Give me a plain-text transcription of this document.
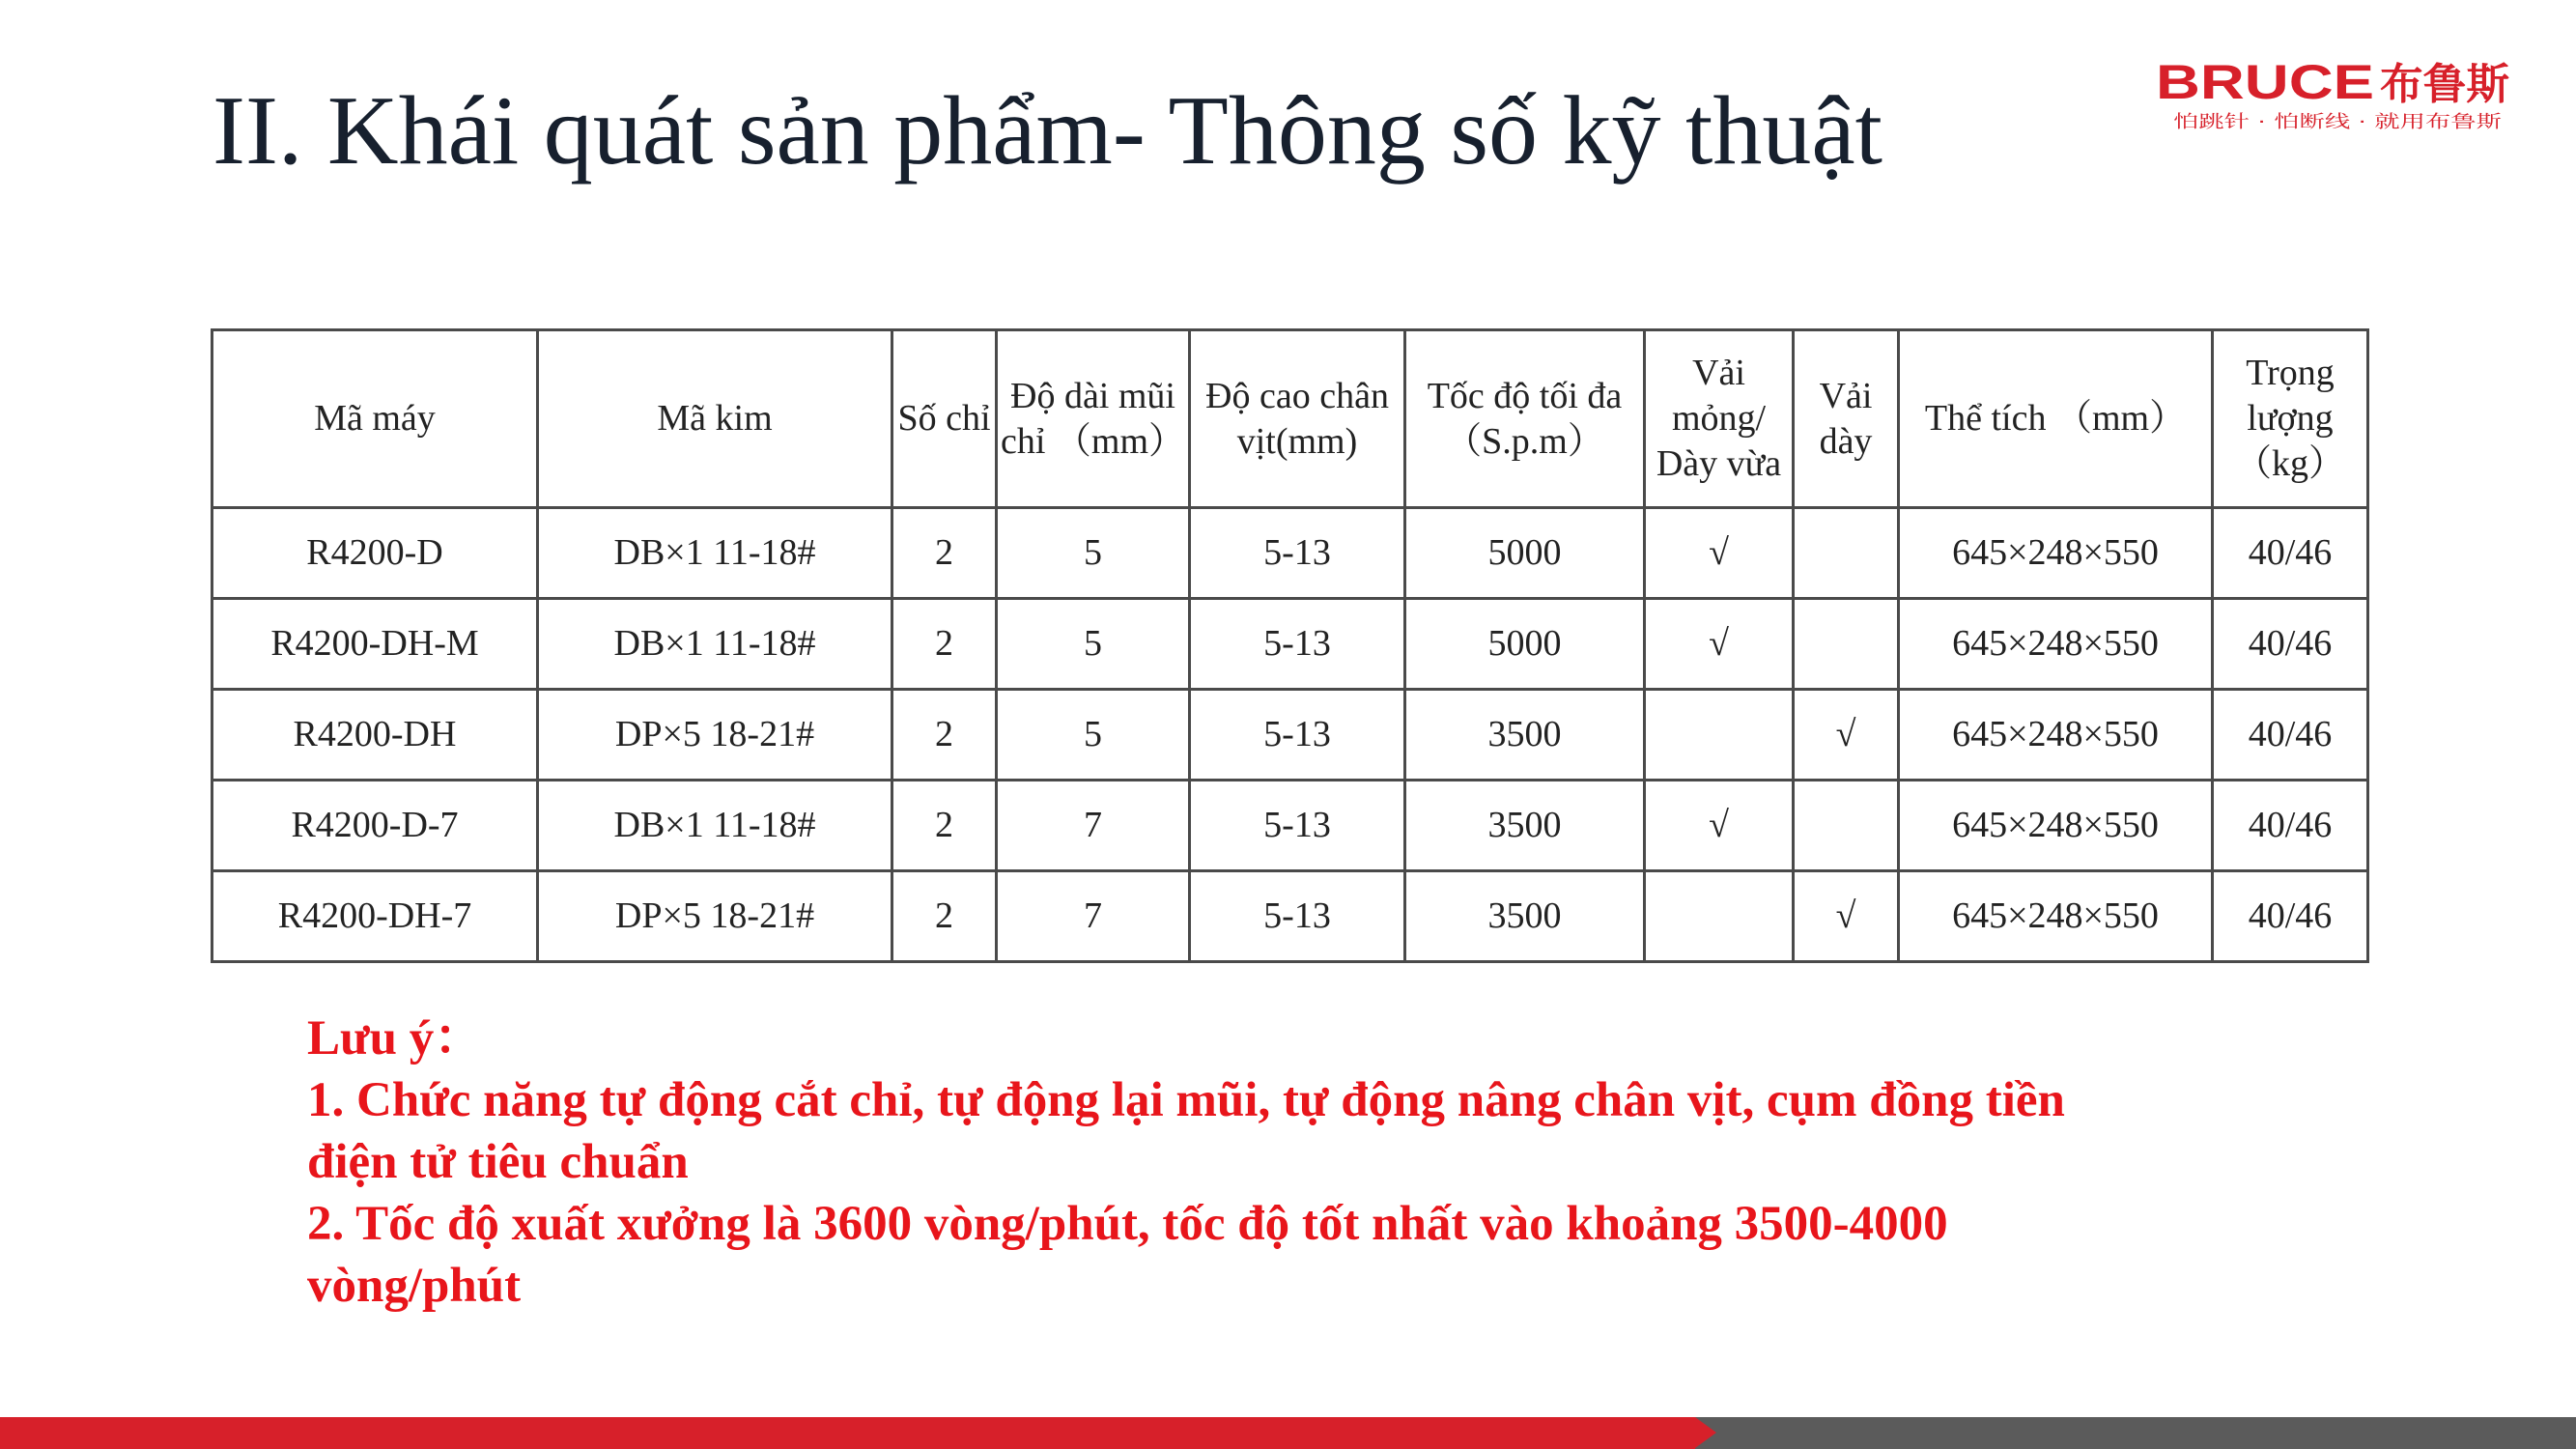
II. Khái quát sản phẩm- Thông số kỹ thuật	BRUCE 布鲁斯
怕跳针 · 怕断线 · 就用布鲁斯
Mã máy	Mã kim	Số chỉ	Độ dài mũi chỉ （mm）	Độ cao chân vịt(mm)	Tốc độ tối đa （S.p.m）	Vải mỏng/ Dày vừa	Vải dày	Thể tích （mm）	Trọng lượng （kg）
R4200-D	DB×1 11-18#	2	5	5-13	5000	√		645×248×550	40/46
R4200-DH-M	DB×1 11-18#	2	5	5-13	5000	√		645×248×550	40/46
R4200-DH	DP×5 18-21#	2	5	5-13	3500		√	645×248×550	40/46
R4200-D-7	DB×1 11-18#	2	7	5-13	3500	√		645×248×550	40/46
R4200-DH-7	DP×5 18-21#	2	7	5-13	3500		√	645×248×550	40/46

Lưu ý：

1. Chức năng tự động cắt chỉ, tự động lại mũi, tự động nâng chân vịt, cụm đồng tiền điện tử tiêu chuẩn

2. Tốc độ xuất xưởng là 3600 vòng/phút, tốc độ tốt nhất vào khoảng 3500-4000 vòng/phút
